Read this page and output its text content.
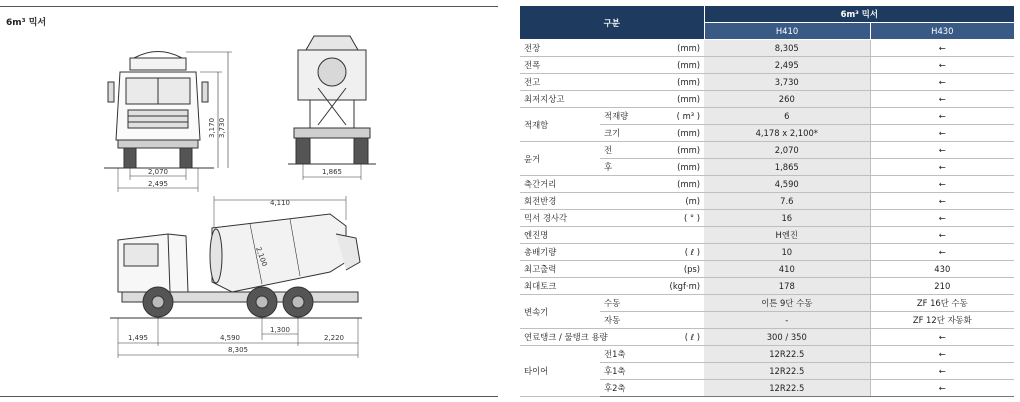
6m³ 믹서
2,070
2,495
3,170 3,730
1,865
4,110
2,100
1,300
1,495	4,590	2,220
8,305
구분			6m³ 믹서	
			H410	H430
전장		(mm)	8,305	←
전폭		(mm)	2,495	←
전고		(mm)	3,730	←
최저지상고		(mm)	260	←
적재함	적재량	( m³ )	6	←
	크기	(mm)	4,178 x 2,100*	←
윤거	전	(mm)	2,070	←
	후	(mm)	1,865	←
축간거리		(mm)	4,590	←
회전반경		(m)	7.6	←
믹서 경사각		( ° )	16	←
엔진명			H엔진	←
총배기량		( ℓ )	10	←
최고출력		(ps)	410	430
최대토크		(kgf·m)	178	210
변속기	수동		이튼 9단 수동	ZF 16단 수동
	자동		-	ZF 12단 자동화
연료탱크 / 물탱크 용량		( ℓ )	300 / 350	←
타이어	전1축		12R22.5	←
	후1축		12R22.5	←
	후2축		12R22.5	←
